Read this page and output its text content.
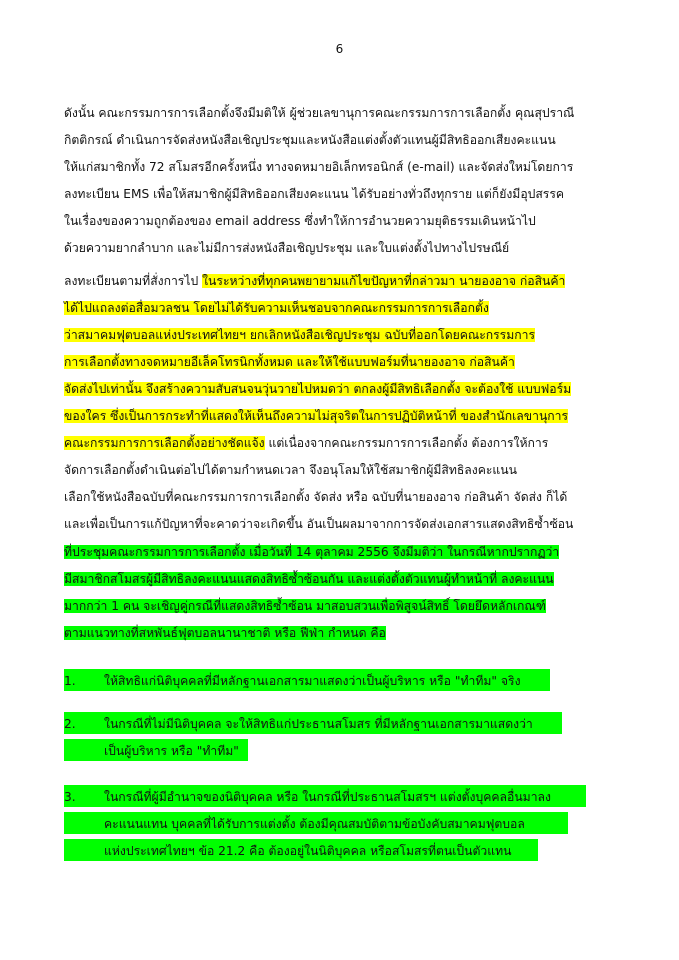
6
ดังนั้น คณะกรรมการการเลือกตั้งจึงมีมติให้ ผู้ช่วยเลขานุการคณะกรรมการการเลือกตั้ง คุณสุปราณี
กิตติกรณ์ ดำเนินการจัดส่งหนังสือเชิญประชุมและหนังสือแต่งตั้งตัวแทนผู้มีสิทธิออกเสียงคะแนน
ให้แก่สมาชิกทั้ง 72 สโมสรอีกครั้งหนึ่ง ทางจดหมายอิเล็กทรอนิกส์ (e-mail) และจัดส่งใหม่โดยการ
ลงทะเบียน EMS เพื่อให้สมาชิกผู้มีสิทธิออกเสียงคะแนน ได้รับอย่างทั่วถึงทุกราย แต่ก็ยังมีอุปสรรค
ในเรื่องของความถูกต้องของ email address ซึ่งทำให้การอำนวยความยุติธรรมเดินหน้าไป
ด้วยความยากลำบาก และไม่มีการส่งหนังสือเชิญประชุม และใบแต่งตั้งไปทางไปรษณีย์
ลงทะเบียนตามที่สั่งการไป ในระหว่างที่ทุกคนพยายามแก้ไขปัญหาที่กล่าวมา นายองอาจ ก่อสินค้า
ได้ไปแถลงต่อสื่อมวลชน โดยไม่ได้รับความเห็นชอบจากคณะกรรมการการเลือกตั้ง
ว่าสมาคมฟุตบอลแห่งประเทศไทยฯ ยกเลิกหนังสือเชิญประชุม ฉบับที่ออกโดยคณะกรรมการ
การเลือกตั้งทางจดหมายอีเล็คโทรนิกทั้งหมด และให้ใช้แบบฟอร์มที่นายองอาจ ก่อสินค้า
จัดส่งไปเท่านั้น จึงสร้างความสับสนจนวุ่นวายไปหมดว่า ตกลงผู้มีสิทธิเลือกตั้ง จะต้องใช้ แบบฟอร์ม
ของใคร ซึ่งเป็นการกระทำที่แสดงให้เห็นถึงความไม่สุจริตในการปฏิบัติหน้าที่ ของสำนักเลขานุการ
คณะกรรมการการเลือกตั้งอย่างชัดแจ้ง แต่เนื่องจากคณะกรรมการการเลือกตั้ง ต้องการให้การ
จัดการเลือกตั้งดำเนินต่อไปได้ตามกำหนดเวลา จึงอนุโลมให้ใช้สมาชิกผู้มีสิทธิลงคะแนน
เลือกใช้หนังสือฉบับที่คณะกรรมการการเลือกตั้ง จัดส่ง หรือ ฉบับที่นายองอาจ ก่อสินค้า จัดส่ง ก็ได้
และเพื่อเป็นการแก้ปัญหาที่จะคาดว่าจะเกิดขึ้น อันเป็นผลมาจากการจัดส่งเอกสารแสดงสิทธิซ้ำซ้อน
ที่ประชุมคณะกรรมการการเลือกตั้ง เมื่อวันที่ 14 ตุลาคม 2556 จึงมีมติว่า ในกรณีหากปรากฏว่า
มีสมาชิกสโมสรผู้มีสิทธิลงคะแนนแสดงสิทธิซ้ำซ้อนกัน และแต่งตั้งตัวแทนผู้ทำหน้าที่ ลงคะแนน
มากกว่า 1 คน จะเชิญคู่กรณีที่แสดงสิทธิซ้ำซ้อน มาสอบสวนเพื่อพิสูจน์สิทธิ์ โดยยึดหลักเกณฑ์
ตามแนวทางที่สหพันธ์ฟุตบอลนานาชาติ หรือ ฟีฟ่า กำหนด คือ
1. ให้สิทธิแก่นิติบุคคลที่มีหลักฐานเอกสารมาแสดงว่าเป็นผู้บริหาร หรือ "ทำทีม" จริง
2. ในกรณีที่ไม่มีนิติบุคคล จะให้สิทธิแก่ประธานสโมสร ที่มีหลักฐานเอกสารมาแสดงว่า
เป็นผู้บริหาร หรือ "ทำทีม"
3. ในกรณีที่ผู้มีอำนาจของนิติบุคคล หรือ ในกรณีที่ประธานสโมสรฯ แต่งตั้งบุคคลอื่นมาลง
คะแนนแทน บุคคลที่ได้รับการแต่งตั้ง ต้องมีคุณสมบัติตามข้อบังคับสมาคมฟุตบอล
แห่งประเทศไทยฯ ข้อ 21.2 คือ ต้องอยู่ในนิติบุคคล หรือสโมสรที่ตนเป็นตัวแทน
